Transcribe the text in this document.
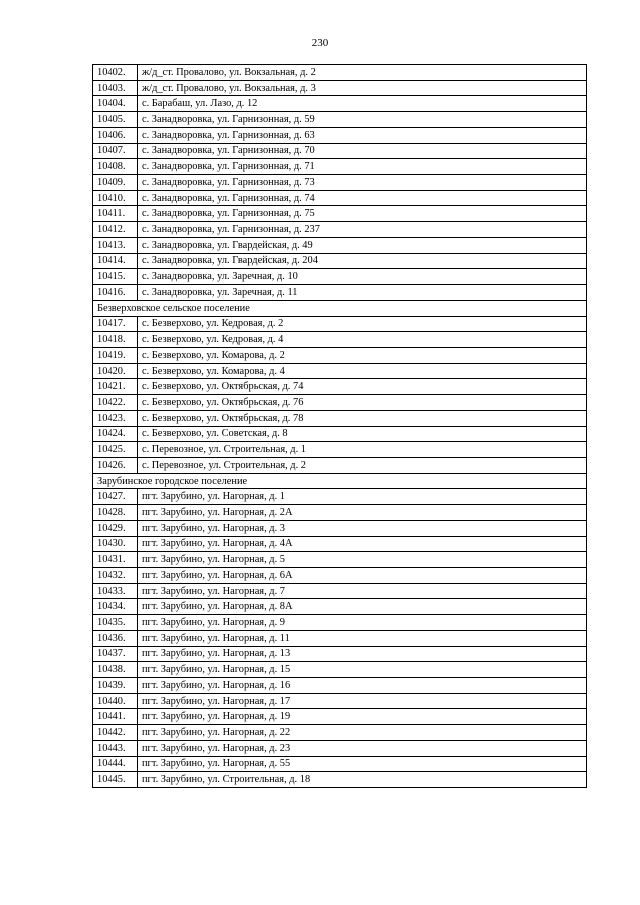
230
10402.	ж/д_ст. Провалово, ул. Вокзальная, д. 2
10403.	ж/д_ст. Провалово, ул. Вокзальная, д. 3
10404.	с. Барабаш, ул. Лазо, д. 12
10405.	с. Занадворовка, ул. Гарнизонная, д. 59
10406.	с. Занадворовка, ул. Гарнизонная, д. 63
10407.	с. Занадворовка, ул. Гарнизонная, д. 70
10408.	с. Занадворовка, ул. Гарнизонная, д. 71
10409.	с. Занадворовка, ул. Гарнизонная, д. 73
10410.	с. Занадворовка, ул. Гарнизонная, д. 74
10411.	с. Занадворовка, ул. Гарнизонная, д. 75
10412.	с. Занадворовка, ул. Гарнизонная, д. 237
10413.	с. Занадворовка, ул. Гвардейская, д. 49
10414.	с. Занадворовка, ул. Гвардейская, д. 204
10415.	с. Занадворовка, ул. Заречная, д. 10
10416.	с. Занадворовка, ул. Заречная, д. 11
Безверховское сельское поселение	
10417.	с. Безверхово, ул. Кедровая, д. 2
10418.	с. Безверхово, ул. Кедровая, д. 4
10419.	с. Безверхово, ул. Комарова, д. 2
10420.	с. Безверхово, ул. Комарова, д. 4
10421.	с. Безверхово, ул. Октябрьская, д. 74
10422.	с. Безверхово, ул. Октябрьская, д. 76
10423.	с. Безверхово, ул. Октябрьская, д. 78
10424.	с. Безверхово, ул. Советская, д. 8
10425.	с. Перевозное, ул. Строительная, д. 1
10426.	с. Перевозное, ул. Строительная, д. 2
Зарубинское городское поселение	
10427.	пгт. Зарубино, ул. Нагорная, д. 1
10428.	пгт. Зарубино, ул. Нагорная, д. 2А
10429.	пгт. Зарубино, ул. Нагорная, д. 3
10430.	пгт. Зарубино, ул. Нагорная, д. 4А
10431.	пгт. Зарубино, ул. Нагорная, д. 5
10432.	пгт. Зарубино, ул. Нагорная, д. 6А
10433.	пгт. Зарубино, ул. Нагорная, д. 7
10434.	пгт. Зарубино, ул. Нагорная, д. 8А
10435.	пгт. Зарубино, ул. Нагорная, д. 9
10436.	пгт. Зарубино, ул. Нагорная, д. 11
10437.	пгт. Зарубино, ул. Нагорная, д. 13
10438.	пгт. Зарубино, ул. Нагорная, д. 15
10439.	пгт. Зарубино, ул. Нагорная, д. 16
10440.	пгт. Зарубино, ул. Нагорная, д. 17
10441.	пгт. Зарубино, ул. Нагорная, д. 19
10442.	пгт. Зарубино, ул. Нагорная, д. 22
10443.	пгт. Зарубино, ул. Нагорная, д. 23
10444.	пгт. Зарубино, ул. Нагорная, д. 55
10445.	пгт. Зарубино, ул. Строительная, д. 18
